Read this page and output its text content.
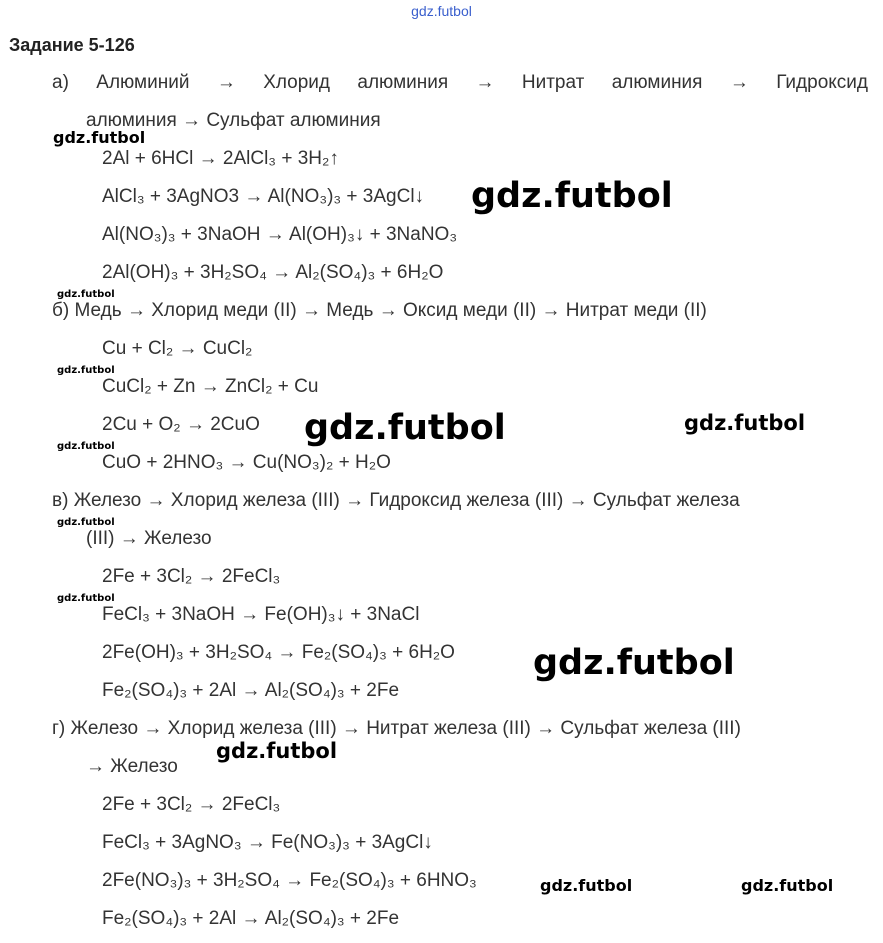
gdz.futbol
Задание 5-126
а) Алюминий → Хлорид алюминия → Нитрат алюминия → Гидроксид
алюминия → Сульфат алюминия
2Al + 6HCl → 2AlCl₃ + 3H₂↑
AlCl₃ + 3AgNO3 → Al(NO₃)₃ + 3AgCl↓
Al(NO₃)₃ + 3NaOH → Al(OH)₃↓ + 3NaNO₃
2Al(OH)₃ + 3H₂SO₄ → Al₂(SO₄)₃ + 6H₂O
б) Медь → Хлорид меди (II) → Медь → Оксид меди (II) → Нитрат меди (II)
Cu + Cl₂ → CuCl₂
CuCl₂ + Zn → ZnCl₂ + Cu
2Cu + O₂ → 2CuO
CuO + 2HNO₃ → Cu(NO₃)₂ + H₂O
в) Железо → Хлорид железа (III) → Гидроксид железа (III) → Сульфат железа
(III) → Железо
2Fe + 3Cl₂ → 2FeCl₃
FeCl₃ + 3NaOH → Fe(OH)₃↓ + 3NaCl
2Fe(OH)₃ + 3H₂SO₄ → Fe₂(SO₄)₃ + 6H₂O
Fe₂(SO₄)₃ + 2Al → Al₂(SO₄)₃ + 2Fe
г) Железо → Хлорид железа (III) → Нитрат железа (III) → Сульфат железа (III)
→ Железо
2Fe + 3Cl₂ → 2FeCl₃
FeCl₃ + 3AgNO₃ → Fe(NO₃)₃ + 3AgCl↓
2Fe(NO₃)₃ + 3H₂SO₄ → Fe₂(SO₄)₃ + 6HNO₃
Fe₂(SO₄)₃ + 2Al → Al₂(SO₄)₃ + 2Fe
gdz.futbol
gdz.futbol
gdz.futbol
gdz.futbol
gdz.futbol	gdz.futbol
gdz.futbol
gdz.futbol
gdz.futbol
gdz.futbol
gdz.futbol
gdz.futbol	gdz.futbol
